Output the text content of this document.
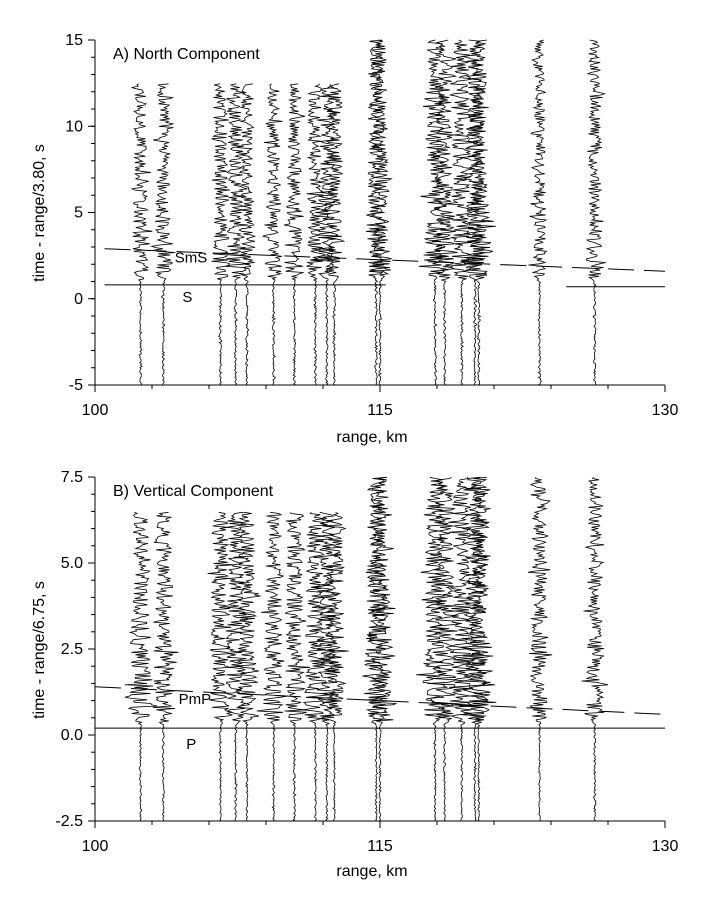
15
10
5
0
-5
100	115	130
A) North Component
SmS
S
range, km
time - range/3.80, s
7.5
5.0
2.5
0.0
-2.5
100	115	130
B) Vertical Component
PmP
P
range, km
time - range/6.75, s
